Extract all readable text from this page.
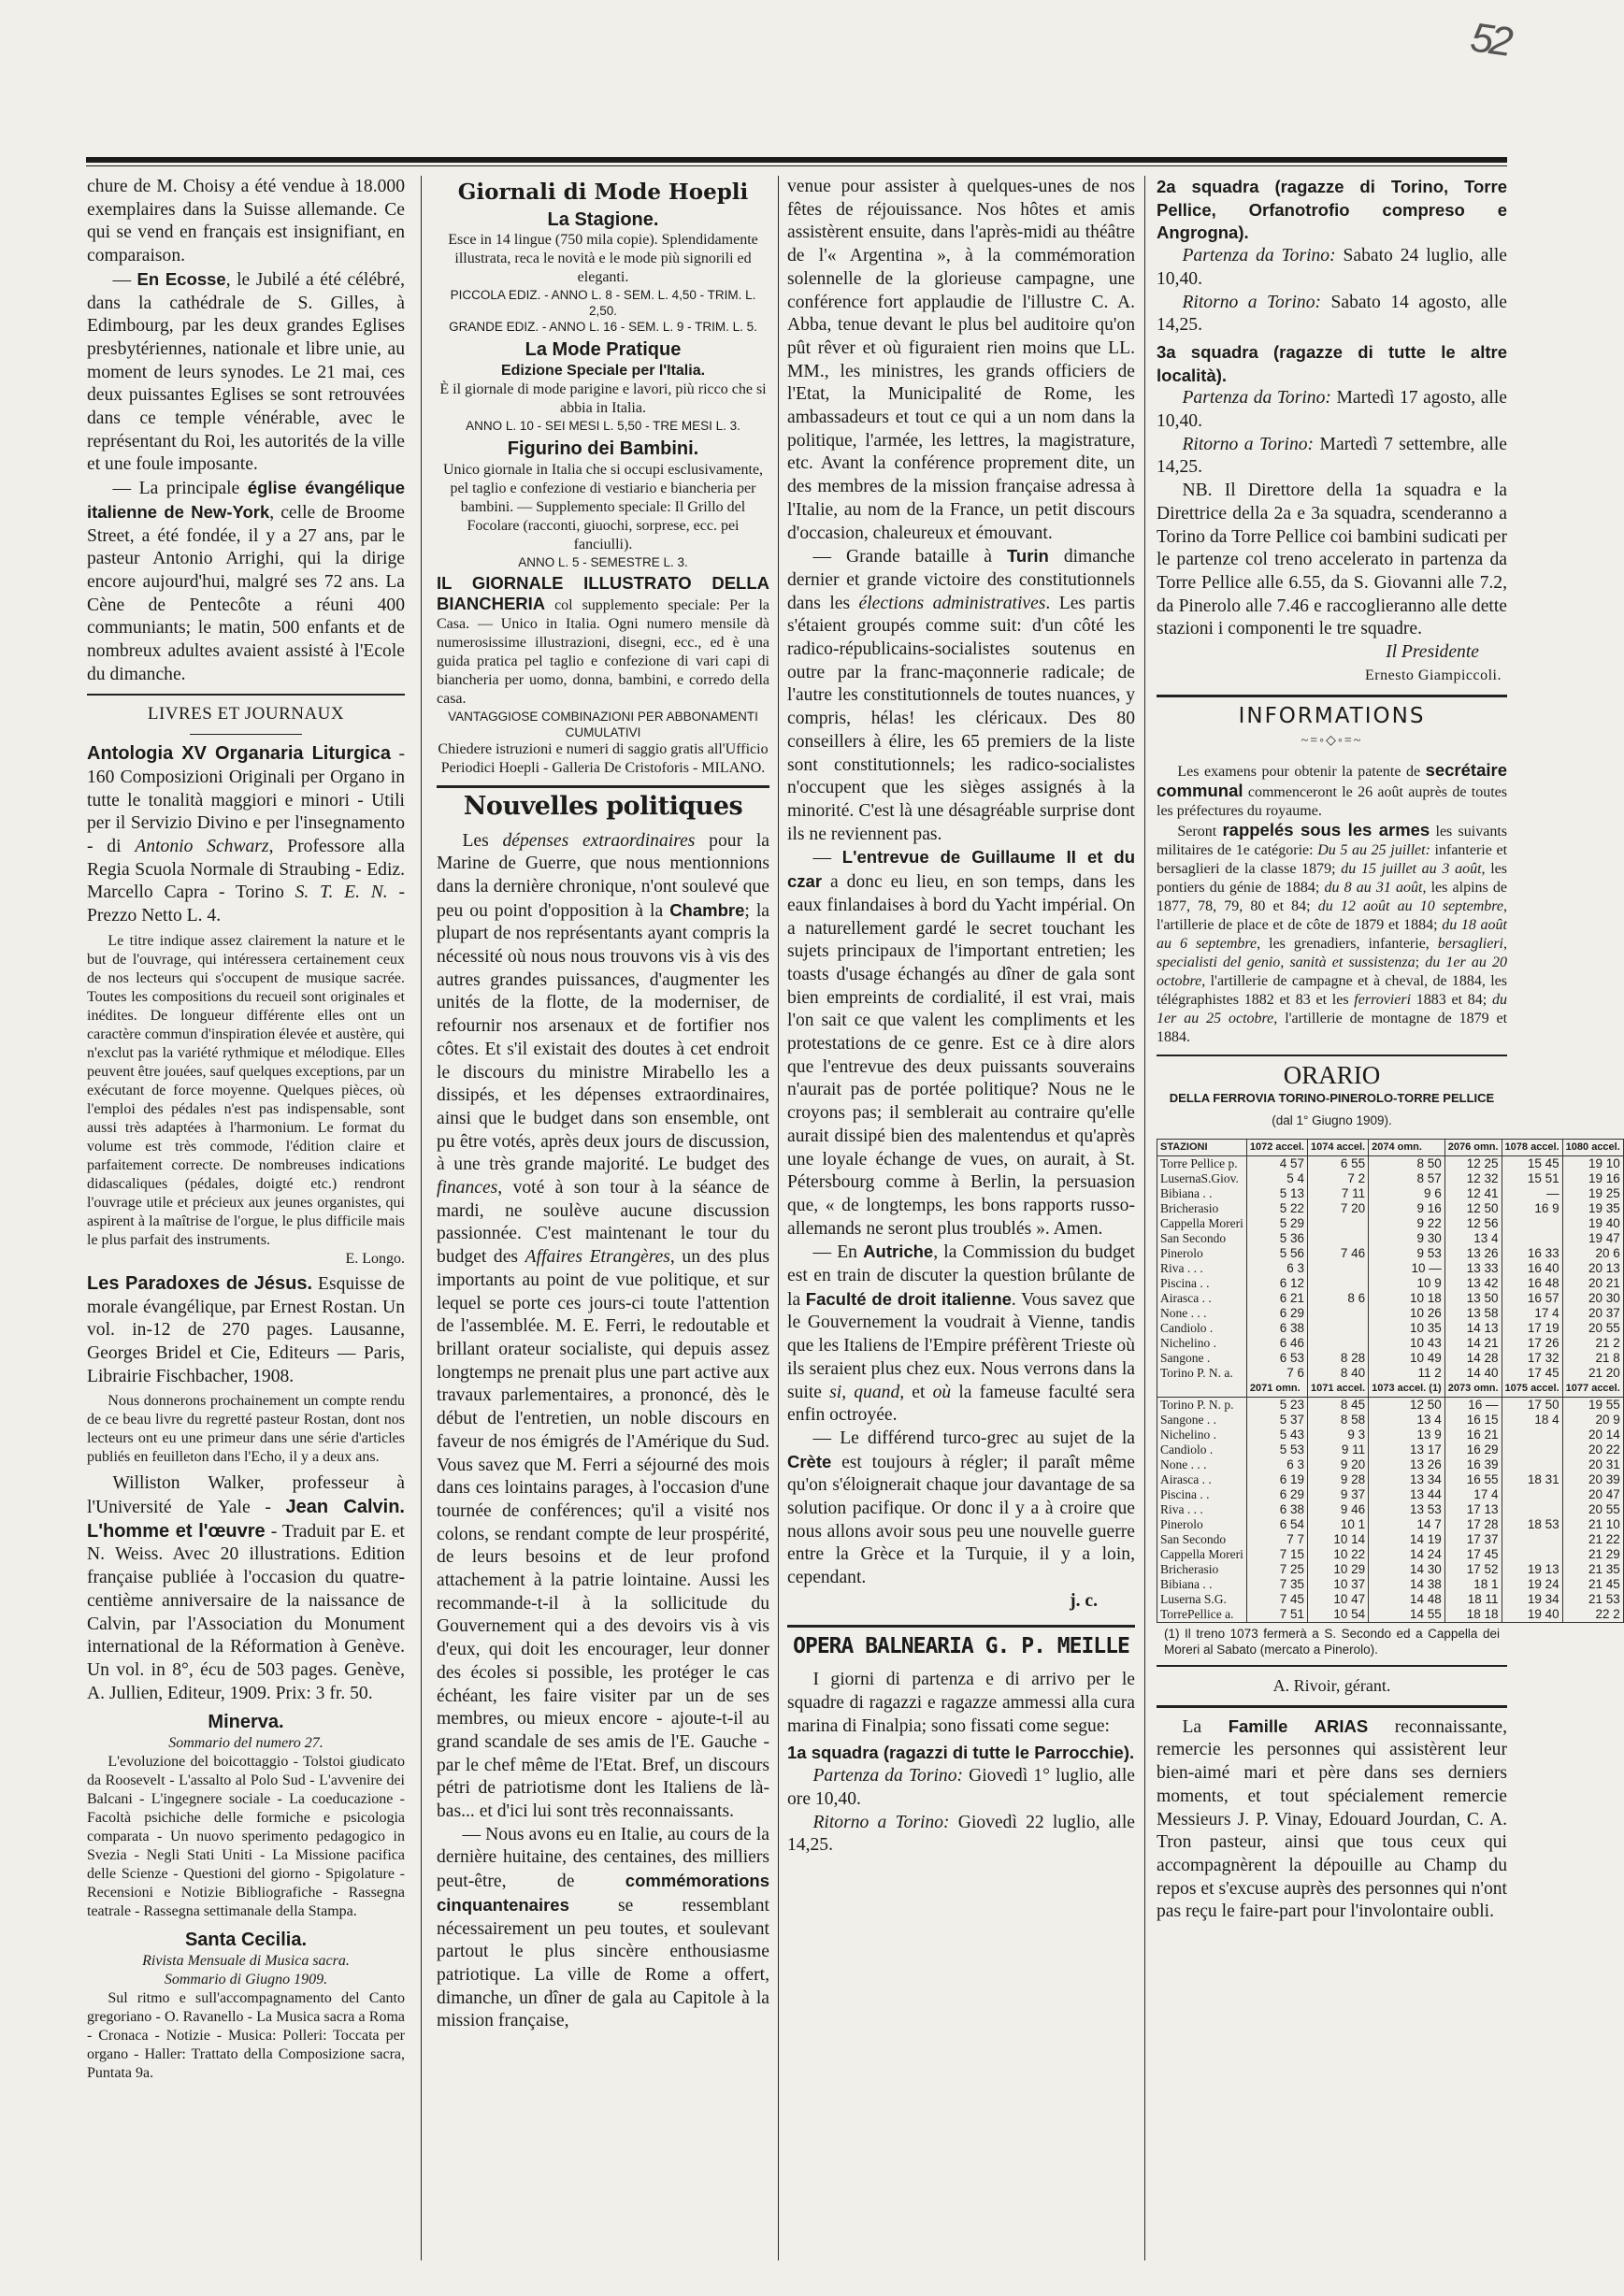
52

chure de M. Choisy a été vendue à 18.000 exemplaires dans la Suisse allemande. Ce qui se vend en français est insignifiant, en comparaison.

— En Ecosse, le Jubilé a été célébré, dans la cathédrale de S. Gilles, à Edimbourg, par les deux grandes Eglises presbytériennes, nationale et libre unie, au moment de leurs synodes. Le 21 mai, ces deux puissantes Eglises se sont retrouvées dans ce temple vénérable, avec le représentant du Roi, les autorités de la ville et une foule imposante.

— La principale église évangélique italienne de New-York, celle de Broome Street, a été fondée, il y a 27 ans, par le pasteur Antonio Arrighi, qui la dirige encore aujourd'hui, malgré ses 72 ans. La Cène de Pentecôte a réuni 400 communiants; le matin, 500 enfants et de nombreux adultes avaient assisté à l'Ecole du dimanche.

LIVRES ET JOURNAUX

Antologia XV Organaria Liturgica - 160 Composizioni Originali per Organo in tutte le tonalità maggiori e minori - Utili per il Servizio Divino e per l'insegnamento - di Antonio Schwarz, Professore alla Regia Scuola Normale di Straubing - Ediz. Marcello Capra - Torino S. T. E. N. - Prezzo Netto L. 4.

Le titre indique assez clairement la nature et le but de l'ouvrage, qui intéressera certainement ceux de nos lecteurs qui s'occupent de musique sacrée. Toutes les compositions du recueil sont originales et inédites. De longueur différente elles ont un caractère commun d'inspiration élevée et austère, qui n'exclut pas la variété rythmique et mélodique. Elles peuvent être jouées, sauf quelques exceptions, par un exécutant de force moyenne. Quelques pièces, où l'emploi des pédales n'est pas indispensable, sont aussi très adaptées à l'harmonium. Le format du volume est très commode, l'édition claire et parfaitement correcte. De nombreuses indications didascaliques (pédales, doigté etc.) rendront l'ouvrage utile et précieux aux jeunes organistes, qui aspirent à la maîtrise de l'orgue, le plus difficile mais le plus parfait des instruments.

E. Longo.

Les Paradoxes de Jésus. Esquisse de morale évangélique, par Ernest Rostan. Un vol. in-12 de 270 pages. Lausanne, Georges Bridel et Cie, Editeurs — Paris, Librairie Fischbacher, 1908.

Nous donnerons prochainement un compte rendu de ce beau livre du regretté pasteur Rostan, dont nos lecteurs ont eu une primeur dans une série d'articles publiés en feuilleton dans l'Echo, il y a deux ans.

Williston Walker, professeur à l'Université de Yale - Jean Calvin. L'homme et l'œuvre - Traduit par E. et N. Weiss. Avec 20 illustrations. Edition française publiée à l'occasion du quatre-centième anniversaire de la naissance de Calvin, par l'Association du Monument international de la Réformation à Genève. Un vol. in 8°, écu de 503 pages. Genève, A. Jullien, Editeur, 1909. Prix: 3 fr. 50.

Minerva.

Sommario del numero 27.

L'evoluzione del boicottaggio - Tolstoi giudicato da Roosevelt - L'assalto al Polo Sud - L'avvenire dei Balcani - L'ingegnere sociale - La coeducazione - Facoltà psichiche delle formiche e psicologia comparata - Un nuovo sperimento pedagogico in Svezia - Negli Stati Uniti - La Missione pacifica delle Scienze - Questioni del giorno - Spigolature - Recensioni e Notizie Bibliografiche - Rassegna teatrale - Rassegna settimanale della Stampa.

Santa Cecilia.

Rivista Mensuale di Musica sacra.

Sommario di Giugno 1909.

Sul ritmo e sull'accompagnamento del Canto gregoriano - O. Ravanello - La Musica sacra a Roma - Cronaca - Notizie - Musica: Polleri: Toccata per organo - Haller: Trattato della Composizione sacra, Puntata 9a.

Giornali di Mode Hoepli

La Stagione.

Esce in 14 lingue (750 mila copie). Splendidamente illustrata, reca le novità e le mode più signorili ed eleganti.

PICCOLA EDIZ. - ANNO L. 8 - SEM. L. 4,50 - TRIM. L. 2,50.

GRANDE EDIZ. - ANNO L. 16 - SEM. L. 9 - TRIM. L. 5.

La Mode Pratique

Edizione Speciale per l'Italia.

È il giornale di mode parigine e lavori, più ricco che si abbia in Italia.

ANNO L. 10 - SEI MESI L. 5,50 - TRE MESI L. 3.

Figurino dei Bambini.

Unico giornale in Italia che si occupi esclusivamente, pel taglio e confezione di vestiario e biancheria per bambini. — Supplemento speciale: Il Grillo del Focolare (racconti, giuochi, sorprese, ecc. pei fanciulli).

ANNO L. 5 - SEMESTRE L. 3.

IL GIORNALE ILLUSTRATO DELLA BIANCHERIA col supplemento speciale: Per la Casa. — Unico in Italia. Ogni numero mensile dà numerosissime illustrazioni, disegni, ecc., ed è una guida pratica pel taglio e confezione di vari capi di biancheria per uomo, donna, bambini, e corredo della casa.

VANTAGGIOSE COMBINAZIONI PER ABBONAMENTI CUMULATIVI

Chiedere istruzioni e numeri di saggio gratis all'Ufficio Periodici Hoepli - Galleria De Cristoforis - MILANO.

Nouvelles politiques

Les dépenses extraordinaires pour la Marine de Guerre, que nous mentionnions dans la dernière chronique, n'ont soulevé que peu ou point d'opposition à la Chambre; la plupart de nos représentants ayant compris la nécessité où nous nous trouvons vis à vis des autres grandes puissances, d'augmenter les unités de la flotte, de la moderniser, de refournir nos arsenaux et de fortifier nos côtes. Et s'il existait des doutes à cet endroit le discours du ministre Mirabello les a dissipés, et les dépenses extraordinaires, ainsi que le budget dans son ensemble, ont pu être votés, après deux jours de discussion, à une très grande majorité. Le budget des finances, voté à son tour à la séance de mardi, ne soulève aucune discussion passionnée. C'est maintenant le tour du budget des Affaires Etrangères, un des plus importants au point de vue politique, et sur lequel se porte ces jours-ci toute l'attention de l'assemblée. M. E. Ferri, le redoutable et brillant orateur socialiste, qui depuis assez longtemps ne prenait plus une part active aux travaux parlementaires, a prononcé, dès le début de l'entretien, un noble discours en faveur de nos émigrés de l'Amérique du Sud. Vous savez que M. Ferri a séjourné des mois dans ces lointains parages, à l'occasion d'une tournée de conférences; qu'il a visité nos colons, se rendant compte de leur prospérité, de leurs besoins et de leur profond attachement à la patrie lointaine. Aussi les recommande-t-il à la sollicitude du Gouvernement qui a des devoirs vis à vis d'eux, qui doit les encourager, leur donner des écoles si possible, les protéger le cas échéant, les faire visiter par un de ses membres, ou mieux encore - ajoute-t-il au grand scandale de ses amis de l'E. Gauche - par le chef même de l'Etat. Bref, un discours pétri de patriotisme dont les Italiens de là-bas... et d'ici lui sont très reconnaissants.

— Nous avons eu en Italie, au cours de la dernière huitaine, des centaines, des milliers peut-être, de commémorations cinquantenaires se ressemblant nécessairement un peu toutes, et soulevant partout le plus sincère enthousiasme patriotique. La ville de Rome a offert, dimanche, un dîner de gala au Capitole à la mission française,

venue pour assister à quelques-unes de nos fêtes de réjouissance. Nos hôtes et amis assistèrent ensuite, dans l'après-midi au théâtre de l'« Argentina », à la commémoration solennelle de la glorieuse campagne, une conférence fort applaudie de l'illustre C. A. Abba, tenue devant le plus bel auditoire qu'on pût rêver et où figuraient rien moins que LL. MM., les ministres, les grands officiers de l'Etat, la Municipalité de Rome, les ambassadeurs et tout ce qui a un nom dans la politique, l'armée, les lettres, la magistrature, etc. Avant la conférence proprement dite, un des membres de la mission française adressa à l'Italie, au nom de la France, un petit discours d'occasion, chaleureux et émouvant.

— Grande bataille à Turin dimanche dernier et grande victoire des constitutionnels dans les élections administratives. Les partis s'étaient groupés comme suit: d'un côté les radico-républicains-socialistes soutenus en outre par la franc-maçonnerie radicale; de l'autre les constitutionnels de toutes nuances, y compris, hélas! les cléricaux. Des 80 conseillers à élire, les 65 premiers de la liste sont constitutionnels; les radico-socialistes n'occupent que les sièges assignés à la minorité. C'est là une désagréable surprise dont ils ne reviennent pas.

— L'entrevue de Guillaume II et du czar a donc eu lieu, en son temps, dans les eaux finlandaises à bord du Yacht impérial. On a naturellement gardé le secret touchant les sujets principaux de l'important entretien; les toasts d'usage échangés au dîner de gala sont bien empreints de cordialité, il est vrai, mais l'on sait ce que valent les compliments et les protestations de ce genre. Est ce à dire alors que l'entrevue des deux puissants souverains n'aurait pas de portée politique? Nous ne le croyons pas; il semblerait au contraire qu'elle aurait dissipé bien des malentendus et qu'après une loyale échange de vues, on aurait, à St. Pétersbourg comme à Berlin, la persuasion que, « de longtemps, les bons rapports russo-allemands ne seront plus troublés ». Amen.

— En Autriche, la Commission du budget est en train de discuter la question brûlante de la Faculté de droit italienne. Vous savez que le Gouvernement la voudrait à Vienne, tandis que les Italiens de l'Empire préfèrent Trieste où ils seraient plus chez eux. Nous verrons dans la suite si, quand, et où la fameuse faculté sera enfin octroyée.

— Le différend turco-grec au sujet de la Crète est toujours à régler; il paraît même qu'on s'éloignerait chaque jour davantage de sa solution pacifique. Or donc il y a à croire que nous allons avoir sous peu une nouvelle guerre entre la Grèce et la Turquie, il y a loin, cependant.

j. c.

OPERA BALNEARIA G. P. MEILLE

I giorni di partenza e di arrivo per le squadre di ragazzi e ragazze ammessi alla cura marina di Finalpia; sono fissati come segue:

1a squadra (ragazzi di tutte le Parrocchie).

Partenza da Torino: Giovedì 1° luglio, alle ore 10,40.

Ritorno a Torino: Giovedì 22 luglio, alle 14,25.

2a squadra (ragazze di Torino, Torre Pellice, Orfanotrofio compreso e Angrogna).

Partenza da Torino: Sabato 24 luglio, alle 10,40.

Ritorno a Torino: Sabato 14 agosto, alle 14,25.

3a squadra (ragazze di tutte le altre località).

Partenza da Torino: Martedì 17 agosto, alle 10,40.

Ritorno a Torino: Martedì 7 settembre, alle 14,25.

NB. Il Direttore della 1a squadra e la Direttrice della 2a e 3a squadra, scenderanno a Torino da Torre Pellice coi bambini sudicati per le partenze col treno accelerato in partenza da Torre Pellice alle 6.55, da S. Giovanni alle 7.2, da Pinerolo alle 7.46 e raccoglieranno alle dette stazioni i componenti le tre squadre.

Il Presidente

Ernesto Giampiccoli.

INFORMATIONS
~=◦◇◦=~

Les examens pour obtenir la patente de secrétaire communal commenceront le 26 août auprès de toutes les préfectures du royaume.

Seront rappelés sous les armes les suivants militaires de 1e catégorie: Du 5 au 25 juillet: infanterie et bersaglieri de la classe 1879; du 15 juillet au 3 août, les pontiers du génie de 1884; du 8 au 31 août, les alpins de 1877, 78, 79, 80 et 84; du 12 août au 10 septembre, l'artillerie de place et de côte de 1879 et 1884; du 18 août au 6 septembre, les grenadiers, infanterie, bersaglieri, specialisti del genio, sanità et sussistenza; du 1er au 20 octobre, l'artillerie de campagne et à cheval, de 1884, les télégraphistes 1882 et 83 et les ferrovieri 1883 et 84; du 1er au 25 octobre, l'artillerie de montagne de 1879 et 1884.

ORARIO
DELLA FERROVIA TORINO-PINEROLO-TORRE PELLICE
(dal 1° Giugno 1909).
STAZIONI	1072 accel.	1074 accel.	2074 omn.	2076 omn.	1078 accel.	1080 accel.
Torre Pellice p.	4 57	6 55	8 50	12 25	15 45	19 10
LusernaS.Giov.	5 4	7 2	8 57	12 32	15 51	19 16
Bibiana . .	5 13	7 11	9 6	12 41	—	19 25
Bricherasio	5 22	7 20	9 16	12 50	16 9	19 35
Cappella Moreri	5 29		9 22	12 56		19 40
San Secondo	5 36		9 30	13 4		19 47
Pinerolo	5 56	7 46	9 53	13 26	16 33	20 6
Riva . . .	6 3		10 —	13 33	16 40	20 13
Piscina . .	6 12		10 9	13 42	16 48	20 21
Airasca . .	6 21	8 6	10 18	13 50	16 57	20 30
None . . .	6 29		10 26	13 58	17 4	20 37
Candiolo .	6 38		10 35	14 13	17 19	20 55
Nichelino .	6 46		10 43	14 21	17 26	21 2
Sangone .	6 53	8 28	10 49	14 28	17 32	21 8
Torino P. N. a.	7 6	8 40	11 2	14 40	17 45	21 20
	2071 omn.	1071 accel.	1073 accel. (1)	2073 omn.	1075 accel.	1077 accel.
Torino P. N. p.	5 23	8 45	12 50	16 —	17 50	19 55
Sangone . .	5 37	8 58	13 4	16 15	18 4	20 9
Nichelino .	5 43	9 3	13 9	16 21		20 14
Candiolo .	5 53	9 11	13 17	16 29		20 22
None . . .	6 3	9 20	13 26	16 39		20 31
Airasca . .	6 19	9 28	13 34	16 55	18 31	20 39
Piscina . .	6 29	9 37	13 44	17 4		20 47
Riva . . .	6 38	9 46	13 53	17 13		20 55
Pinerolo	6 54	10 1	14 7	17 28	18 53	21 10
San Secondo	7 7	10 14	14 19	17 37		21 22
Cappella Moreri	7 15	10 22	14 24	17 45		21 29
Bricherasio	7 25	10 29	14 30	17 52	19 13	21 35
Bibiana . .	7 35	10 37	14 38	18 1	19 24	21 45
Luserna S.G.	7 45	10 47	14 48	18 11	19 34	21 53
TorrePellice a.	7 51	10 54	14 55	18 18	19 40	22 2

(1) Il treno 1073 fermerà a S. Secondo ed a Cappella dei Moreri al Sabato (mercato a Pinerolo).

A. Rivoir, gérant.

La Famille ARIAS reconnaissante, remercie les personnes qui assistèrent leur bien-aimé mari et père dans ses derniers moments, et tout spécialement remercie Messieurs J. P. Vinay, Edouard Jourdan, C. A. Tron pasteur, ainsi que tous ceux qui accompagnèrent la dépouille au Champ du repos et s'excuse auprès des personnes qui n'ont pas reçu le faire-part pour l'involontaire oubli.
